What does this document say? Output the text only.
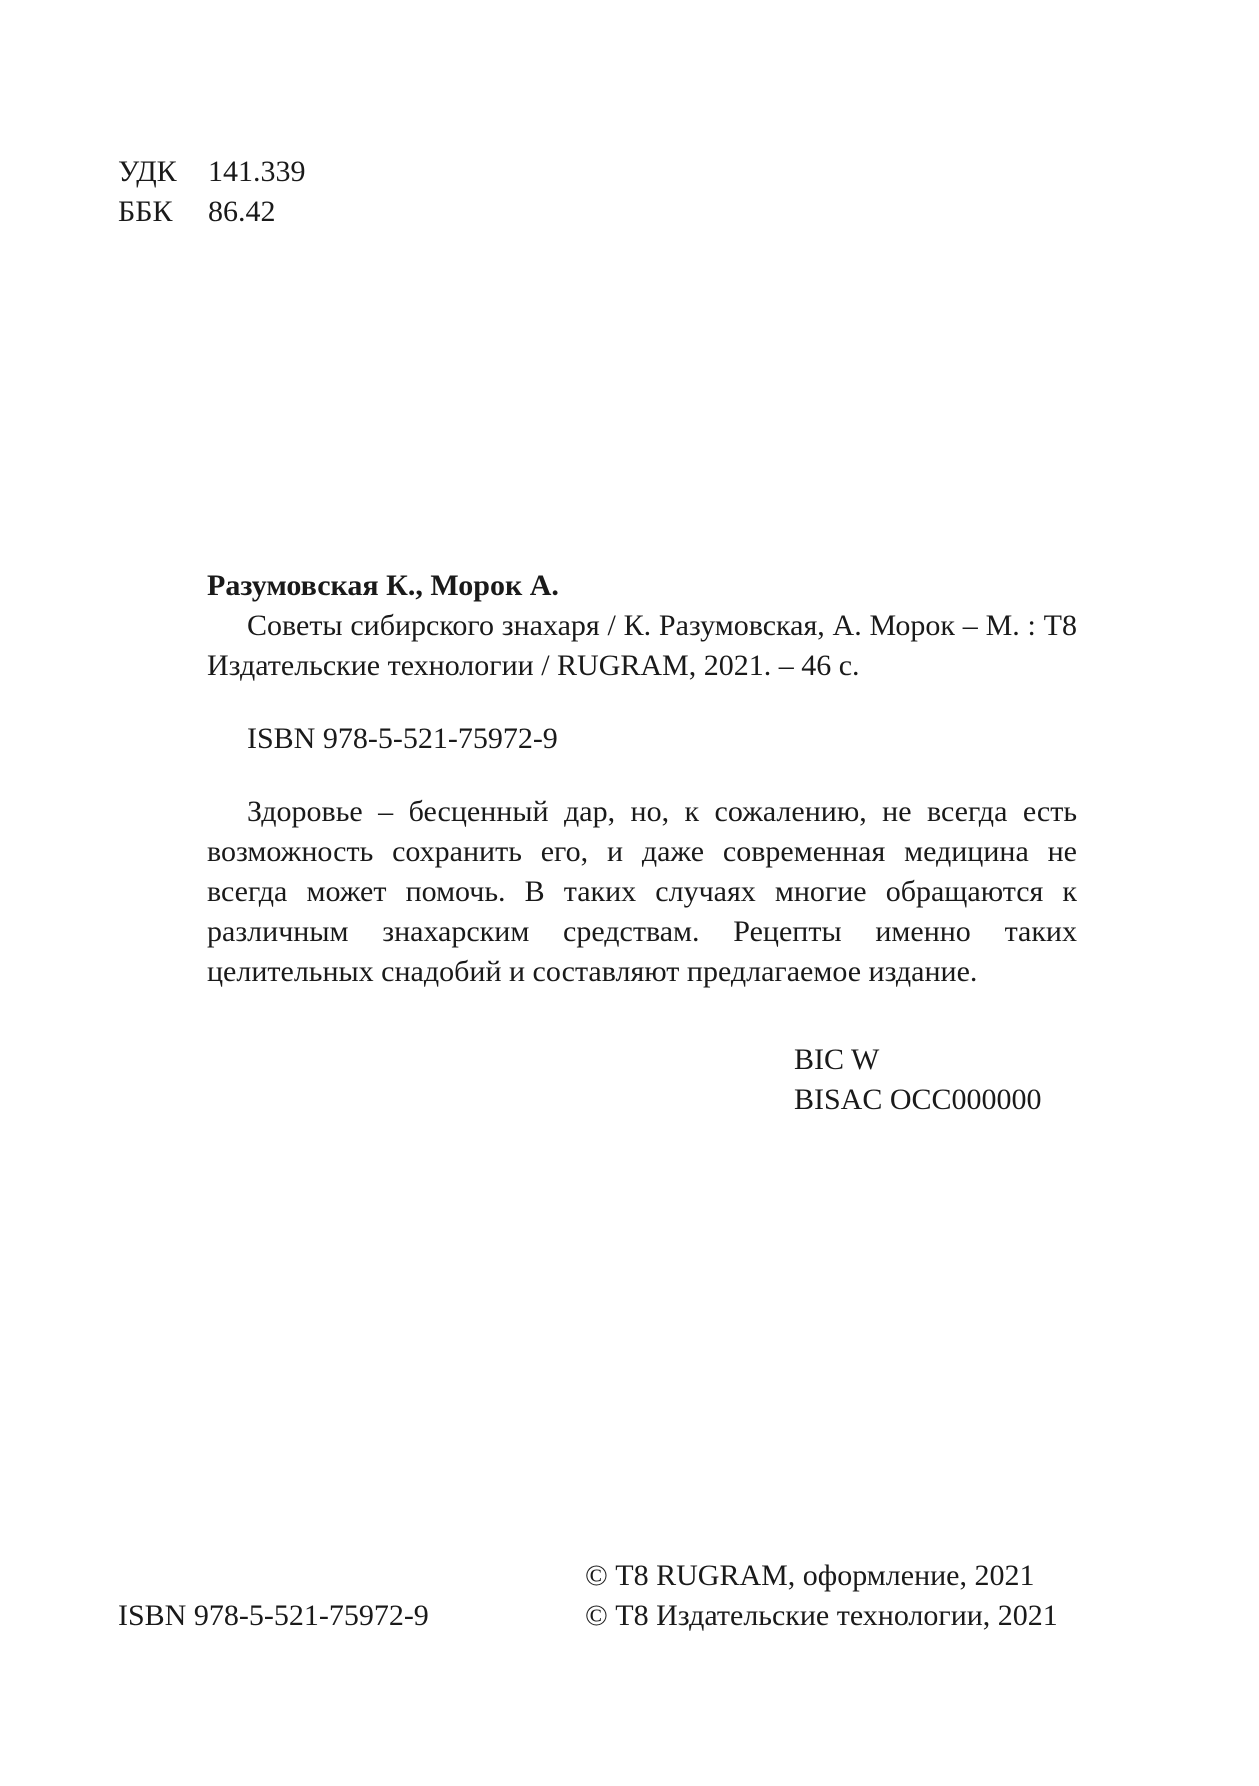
УДК	141.339
ББК	86.42
Разумовская К., Морок А.

Советы сибирского знахаря / К. Разумовская, А. Морок – М. : Т8 Издательские технологии / RUGRAM, 2021. – 46 с.

ISBN 978-5-521-75972-9

Здоровье – бесценный дар, но, к сожалению, не всегда есть возможность сохранить его, и даже современная медицина не всегда может помочь. В таких случаях многие обращаются к различным знахарским средствам. Рецепты именно таких целительных снадобий и составляют предлагаемое издание.

BIC W
BISAC OCC000000
ISBN 978-5-521-75972-9
© Т8 RUGRAM, оформление, 2021
© Т8 Издательские технологии, 2021
